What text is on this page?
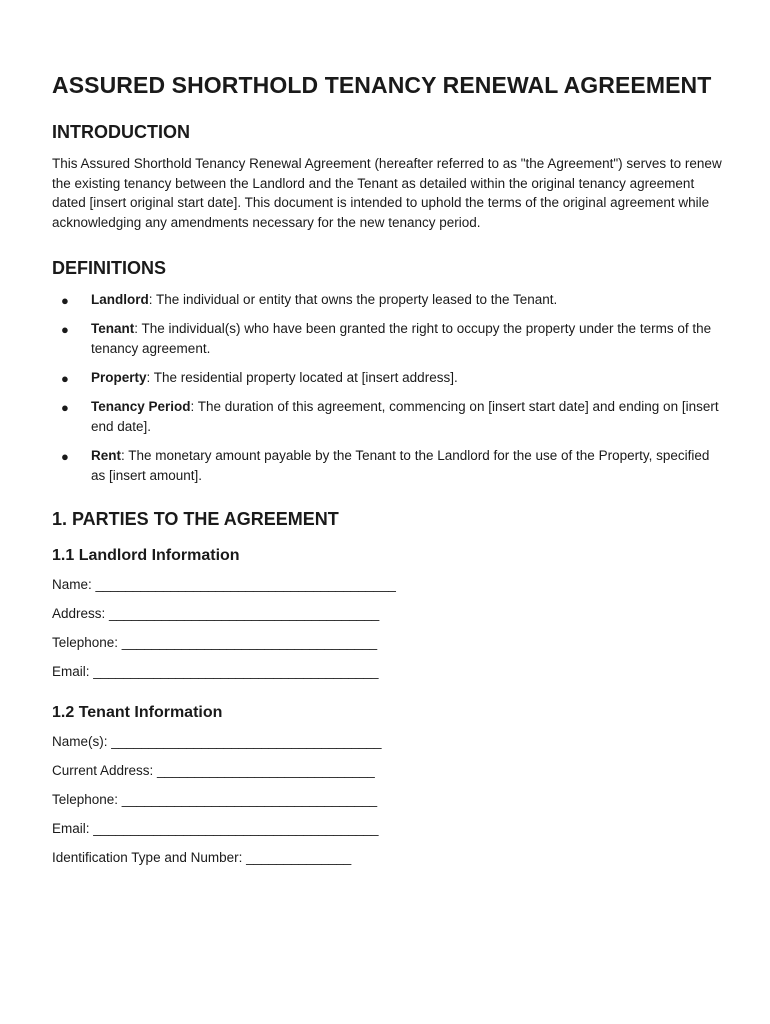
ASSURED SHORTHOLD TENANCY RENEWAL AGREEMENT
INTRODUCTION

This Assured Shorthold Tenancy Renewal Agreement (hereafter referred to as "the Agreement") serves to renew the existing tenancy between the Landlord and the Tenant as detailed within the original tenancy agreement dated [insert original start date]. This document is intended to uphold the terms of the original agreement while acknowledging any amendments necessary for the new tenancy period.

DEFINITIONS
● Landlord: The individual or entity that owns the property leased to the Tenant.
● Tenant: The individual(s) who have been granted the right to occupy the property under the terms of the tenancy agreement.
● Property: The residential property located at [insert address].
● Tenancy Period: The duration of this agreement, commencing on [insert start date] and ending on [insert end date].
● Rent: The monetary amount payable by the Tenant to the Landlord for the use of the Property, specified as [insert amount].
1. PARTIES TO THE AGREEMENT
1.1 Landlord Information

Name: ________________________________________

Address: ____________________________________

Telephone: __________________________________

Email: ______________________________________

1.2 Tenant Information

Name(s): ____________________________________

Current Address: _____________________________

Telephone: __________________________________

Email: ______________________________________

Identification Type and Number: ______________
